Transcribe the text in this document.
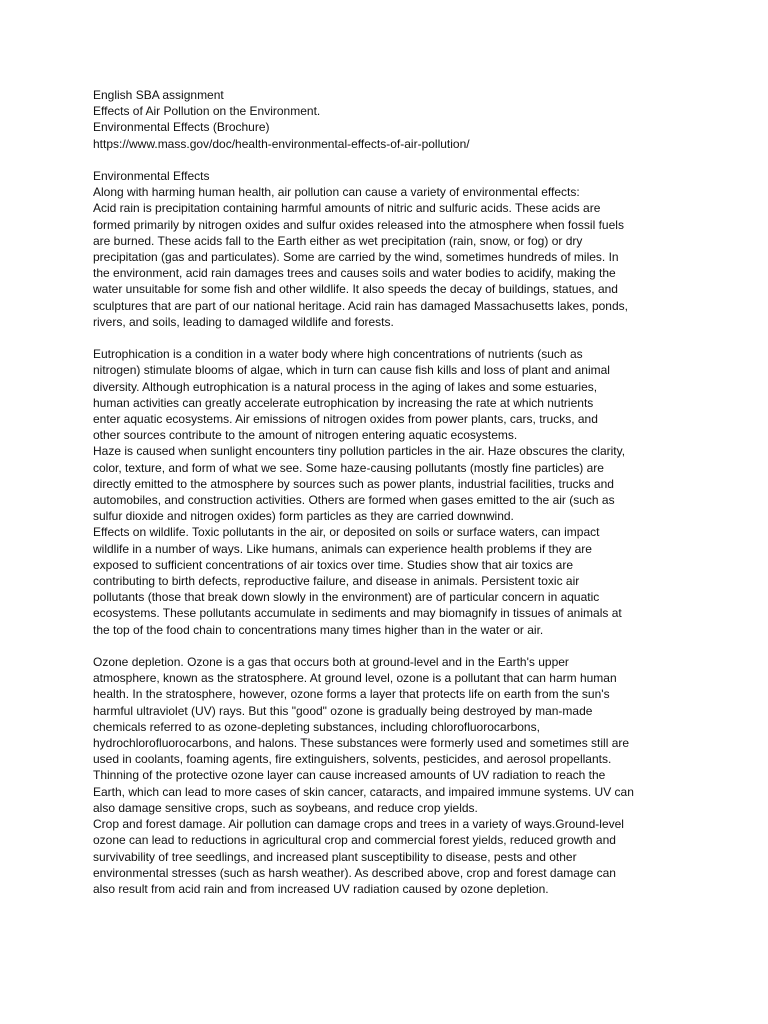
English SBA assignment
Effects of Air Pollution on the Environment.
Environmental Effects (Brochure)
https://www.mass.gov/doc/health-environmental-effects-of-air-pollution/
Environmental Effects
Along with harming human health, air pollution can cause a variety of environmental effects:
Acid rain is precipitation containing harmful amounts of nitric and sulfuric acids. These acids are
formed primarily by nitrogen oxides and sulfur oxides released into the atmosphere when fossil fuels
are burned. These acids fall to the Earth either as wet precipitation (rain, snow, or fog) or dry
precipitation (gas and particulates). Some are carried by the wind, sometimes hundreds of miles. In
the environment, acid rain damages trees and causes soils and water bodies to acidify, making the
water unsuitable for some fish and other wildlife. It also speeds the decay of buildings, statues, and
sculptures that are part of our national heritage. Acid rain has damaged Massachusetts lakes, ponds,
rivers, and soils, leading to damaged wildlife and forests.
Eutrophication is a condition in a water body where high concentrations of nutrients (such as
nitrogen) stimulate blooms of algae, which in turn can cause fish kills and loss of plant and animal
diversity. Although eutrophication is a natural process in the aging of lakes and some estuaries,
human activities can greatly accelerate eutrophication by increasing the rate at which nutrients
enter aquatic ecosystems. Air emissions of nitrogen oxides from power plants, cars, trucks, and
other sources contribute to the amount of nitrogen entering aquatic ecosystems.
Haze is caused when sunlight encounters tiny pollution particles in the air. Haze obscures the clarity,
color, texture, and form of what we see. Some haze-causing pollutants (mostly fine particles) are
directly emitted to the atmosphere by sources such as power plants, industrial facilities, trucks and
automobiles, and construction activities. Others are formed when gases emitted to the air (such as
sulfur dioxide and nitrogen oxides) form particles as they are carried downwind.
Effects on wildlife. Toxic pollutants in the air, or deposited on soils or surface waters, can impact
wildlife in a number of ways. Like humans, animals can experience health problems if they are
exposed to sufficient concentrations of air toxics over time. Studies show that air toxics are
contributing to birth defects, reproductive failure, and disease in animals. Persistent toxic air
pollutants (those that break down slowly in the environment) are of particular concern in aquatic
ecosystems. These pollutants accumulate in sediments and may biomagnify in tissues of animals at
the top of the food chain to concentrations many times higher than in the water or air.
Ozone depletion. Ozone is a gas that occurs both at ground-level and in the Earth's upper
atmosphere, known as the stratosphere. At ground level, ozone is a pollutant that can harm human
health. In the stratosphere, however, ozone forms a layer that protects life on earth from the sun's
harmful ultraviolet (UV) rays. But this "good" ozone is gradually being destroyed by man-made
chemicals referred to as ozone-depleting substances, including chlorofluorocarbons,
hydrochlorofluorocarbons, and halons. These substances were formerly used and sometimes still are
used in coolants, foaming agents, fire extinguishers, solvents, pesticides, and aerosol propellants.
Thinning of the protective ozone layer can cause increased amounts of UV radiation to reach the
Earth, which can lead to more cases of skin cancer, cataracts, and impaired immune systems. UV can
also damage sensitive crops, such as soybeans, and reduce crop yields.
Crop and forest damage. Air pollution can damage crops and trees in a variety of ways.Ground-level
ozone can lead to reductions in agricultural crop and commercial forest yields, reduced growth and
survivability of tree seedlings, and increased plant susceptibility to disease, pests and other
environmental stresses (such as harsh weather). As described above, crop and forest damage can
also result from acid rain and from increased UV radiation caused by ozone depletion.
